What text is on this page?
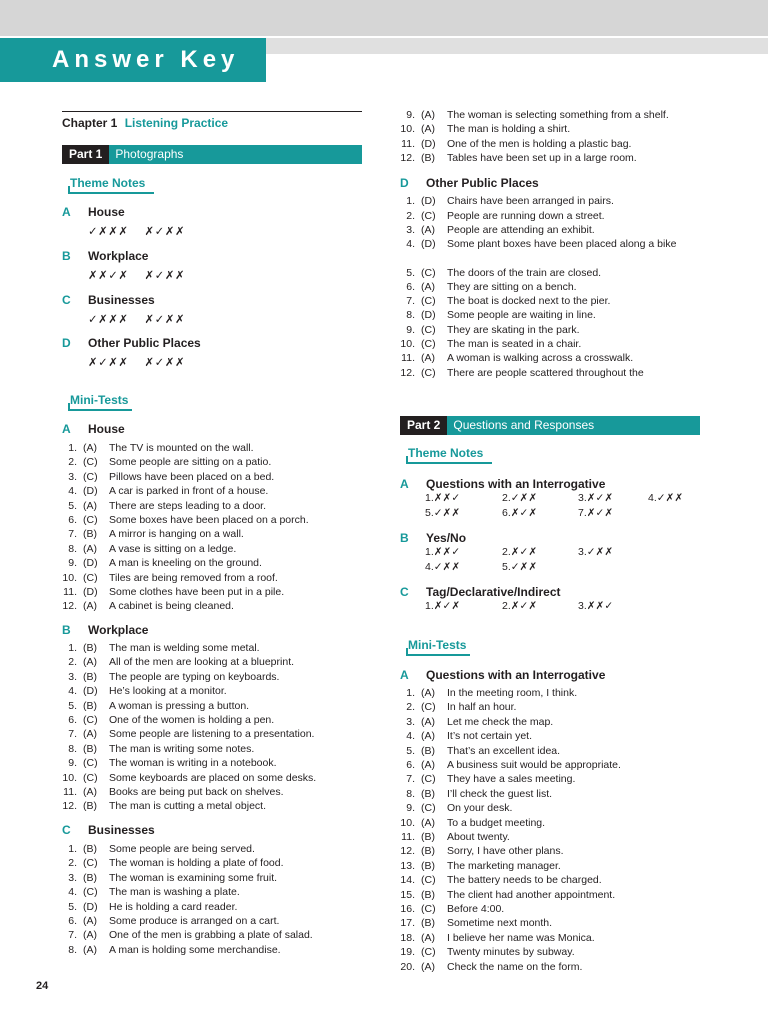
Answer Key
Chapter 1 Listening Practice
Part 1 Photographs
Theme Notes
A House
✓✗✗✗ ✗✓✗✗
B Workplace
✗✗✓✗ ✗✓✗✗
C Businesses
✓✗✗✗ ✗✓✗✗
D Other Public Places
✗✓✗✗ ✗✓✗✗
Mini-Tests
A House
1. (A) The TV is mounted on the wall.
2. (C) Some people are sitting on a patio.
3. (C) Pillows have been placed on a bed.
4. (D) A car is parked in front of a house.
5. (A) There are steps leading to a door.
6. (C) Some boxes have been placed on a porch.
7. (B) A mirror is hanging on a wall.
8. (A) A vase is sitting on a ledge.
9. (D) A man is kneeling on the ground.
10. (C) Tiles are being removed from a roof.
11. (D) Some clothes have been put in a pile.
12. (A) A cabinet is being cleaned.
B Workplace
1. (B) The man is welding some metal.
2. (A) All of the men are looking at a blueprint.
3. (B) The people are typing on keyboards.
4. (D) He’s looking at a monitor.
5. (B) A woman is pressing a button.
6. (C) One of the women is holding a pen.
7. (A) Some people are listening to a presentation.
8. (B) The man is writing some notes.
9. (C) The woman is writing in a notebook.
10. (C) Some keyboards are placed on some desks.
11. (A) Books are being put back on shelves.
12. (B) The man is cutting a metal object.
C Businesses
1. (B) Some people are being served.
2. (C) The woman is holding a plate of food.
3. (B) The woman is examining some fruit.
4. (C) The man is washing a plate.
5. (D) He is holding a card reader.
6. (A) Some produce is arranged on a cart.
7. (A) One of the men is grabbing a plate of salad.
8. (A) A man is holding some merchandise.
9. (A) The woman is selecting something from a shelf.
10. (A) The man is holding a shirt.
11. (D) One of the men is holding a plastic bag.
12. (B) Tables have been set up in a large room.
D Other Public Places
1. (D) Chairs have been arranged in pairs.
2. (C) People are running down a street.
3. (A) People are attending an exhibit.
4. (D) Some plant boxes have been placed along a bike
5. (C) The doors of the train are closed.
6. (A) They are sitting on a bench.
7. (C) The boat is docked next to the pier.
8. (D) Some people are waiting in line.
9. (C) They are skating in the park.
10. (C) The man is seated in a chair.
11. (A) A woman is walking across a crosswalk.
12. (C) There are people scattered throughout the
Part 2 Questions and Responses
Theme Notes
A Questions with an Interrogative
1.✗✗✓	2.✓✗✗	3.✗✓✗	4.✓✗✗
5.✓✗✗	6.✗✓✗	7.✗✓✗
B Yes/No
1.✗✗✓	2.✗✓✗	3.✓✗✗
4.✓✗✗	5.✓✗✗
C Tag/Declarative/Indirect
1.✗✓✗	2.✗✓✗	3.✗✗✓
Mini-Tests
A Questions with an Interrogative
1. (A) In the meeting room, I think.
2. (C) In half an hour.
3. (A) Let me check the map.
4. (A) It’s not certain yet.
5. (B) That’s an excellent idea.
6. (A) A business suit would be appropriate.
7. (C) They have a sales meeting.
8. (B) I’ll check the guest list.
9. (C) On your desk.
10. (A) To a budget meeting.
11. (B) About twenty.
12. (B) Sorry, I have other plans.
13. (B) The marketing manager.
14. (C) The battery needs to be charged.
15. (B) The client had another appointment.
16. (C) Before 4:00.
17. (B) Sometime next month.
18. (A) I believe her name was Monica.
19. (C) Twenty minutes by subway.
20. (A) Check the name on the form.
24
